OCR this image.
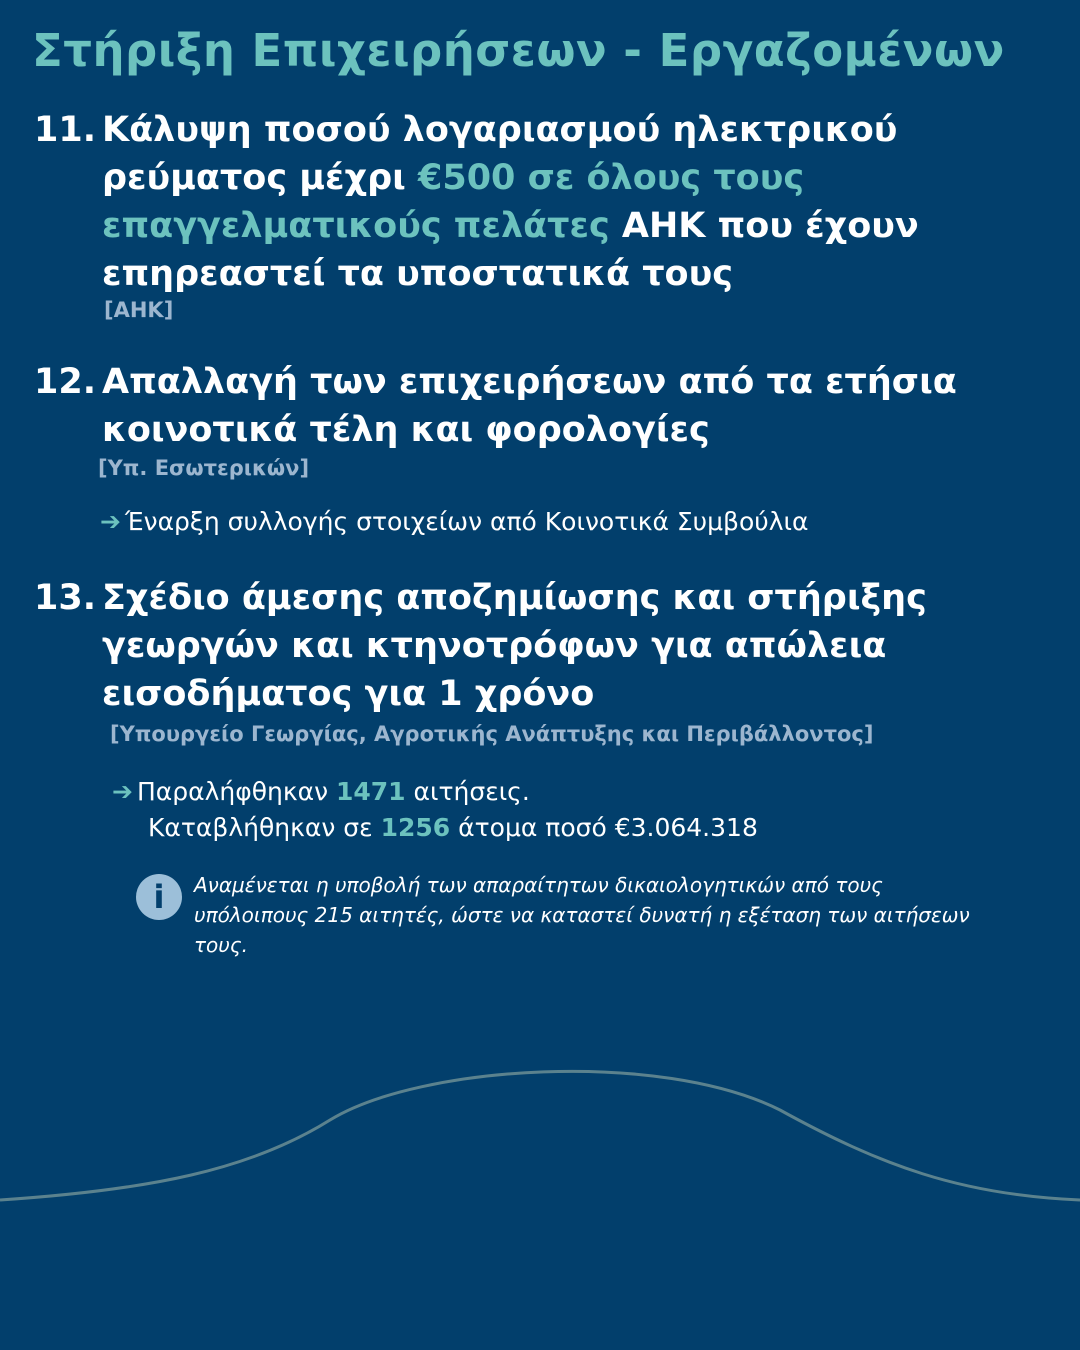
Στήριξη Επιχειρήσεων - Εργαζομένων
11. Κάλυψη ποσού λογαριασμού ηλεκτρικού ρεύματος μέχρι €500 σε όλους τους επαγγελματικούς πελάτες ΑΗΚ που έχουν επηρεαστεί τα υποστατικά τους
[ΑΗΚ]
12. Απαλλαγή των επιχειρήσεων από τα ετήσια κοινοτικά τέλη και φορολογίες
[Υπ. Εσωτερικών]
➔ Έναρξη συλλογής στοιχείων από Κοινοτικά Συμβούλια
13. Σχέδιο άμεσης αποζημίωσης και στήριξης γεωργών και κτηνοτρόφων για απώλεια εισοδήματος για 1 χρόνο
[Υπουργείο Γεωργίας, Αγροτικής Ανάπτυξης και Περιβάλλοντος]
➔ Παραλήφθηκαν 1471 αιτήσεις.
Καταβλήθηκαν σε 1256 άτομα ποσό €3.064.318
i	Αναμένεται η υποβολή των απαραίτητων δικαιολογητικών από τους υπόλοιπους 215 αιτητές, ώστε να καταστεί δυνατή η εξέταση των αιτήσεων τους.
